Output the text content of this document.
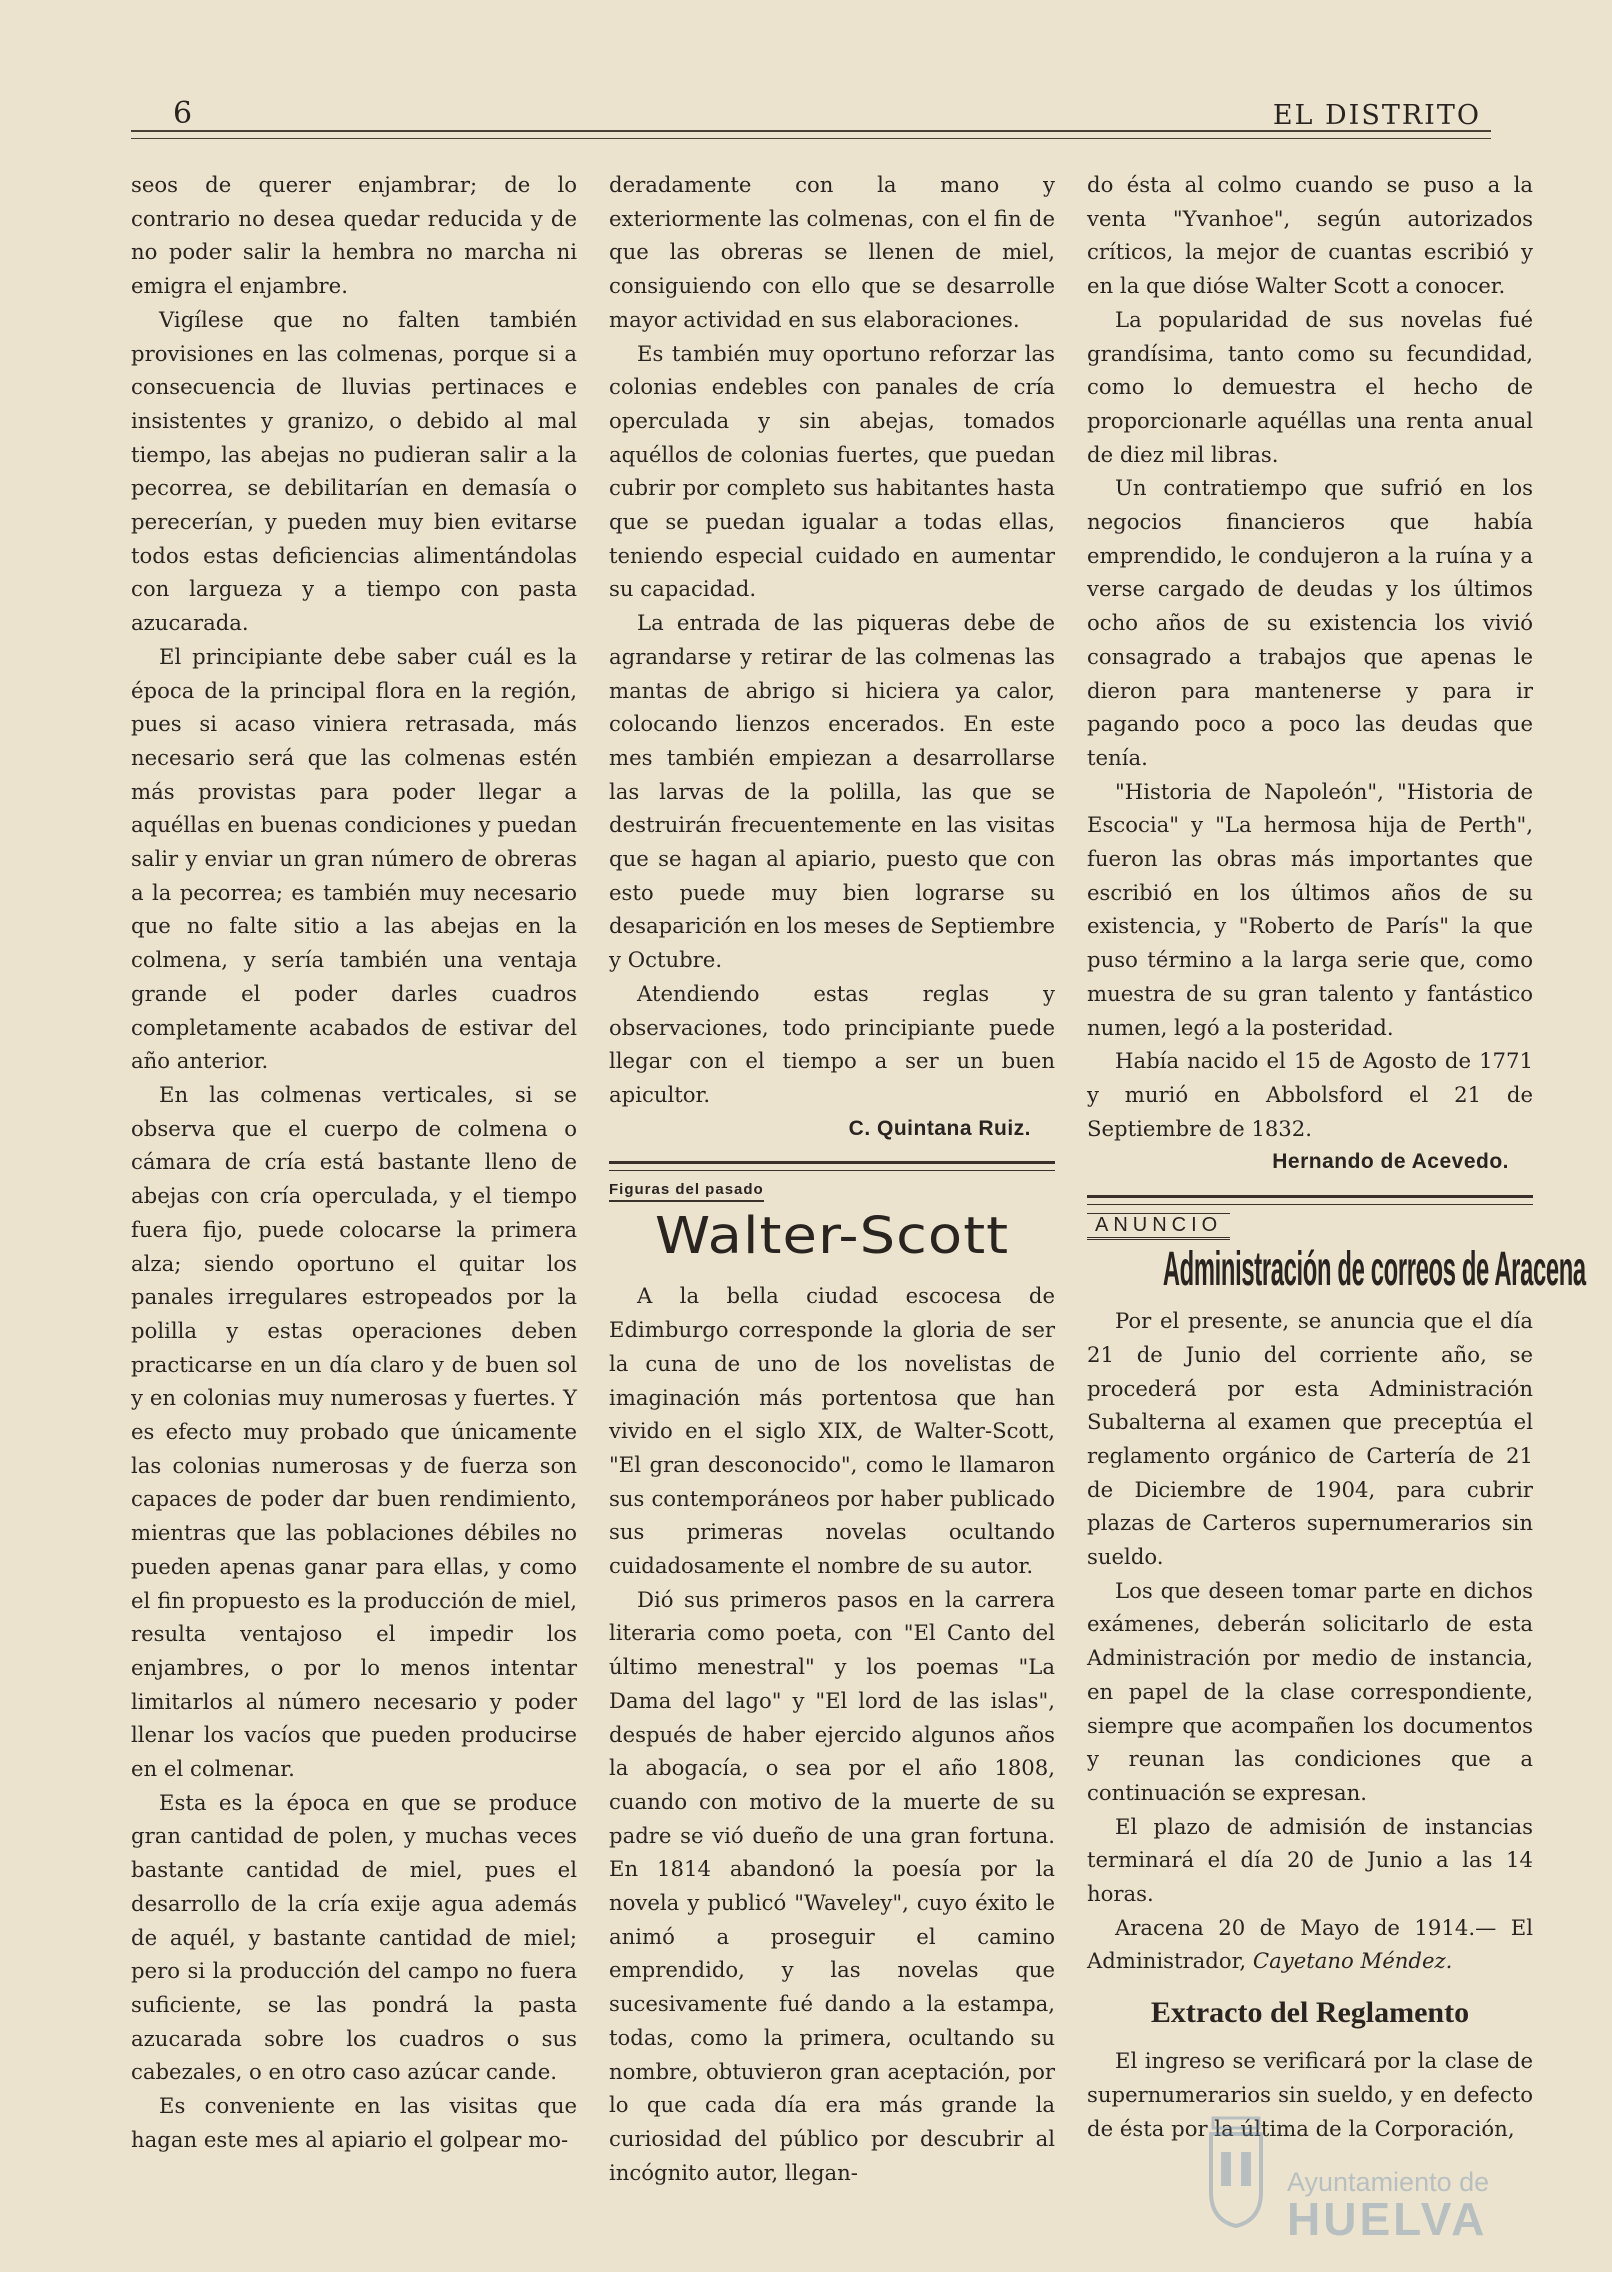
6	EL DISTRITO

seos de querer enjambrar; de lo contrario no desea quedar reducida y de no poder salir la hembra no marcha ni emigra el enjambre.

Vigílese que no falten también provisiones en las colmenas, porque si a consecuencia de lluvias pertinaces e insistentes y granizo, o debido al mal tiempo, las abejas no pudieran salir a la pecorrea, se debilitarían en demasía o perecerían, y pueden muy bien evitarse todos estas deficiencias alimentándolas con largueza y a tiempo con pasta azucarada.

El principiante debe saber cuál es la época de la principal flora en la región, pues si acaso viniera retrasada, más necesario será que las colmenas estén más provistas para poder llegar a aquéllas en buenas condiciones y puedan salir y enviar un gran número de obreras a la pecorrea; es también muy necesario que no falte sitio a las abejas en la colmena, y sería también una ventaja grande el poder darles cuadros completamente acabados de estivar del año anterior.

En las colmenas verticales, si se observa que el cuerpo de colmena o cámara de cría está bastante lleno de abejas con cría operculada, y el tiempo fuera fijo, puede colocarse la primera alza; siendo oportuno el quitar los panales irregulares estropeados por la polilla y estas operaciones deben practicarse en un día claro y de buen sol y en colonias muy numerosas y fuertes. Y es efecto muy probado que únicamente las colonias numerosas y de fuerza son capaces de poder dar buen rendimiento, mientras que las poblaciones débiles no pueden apenas ganar para ellas, y como el fin propuesto es la producción de miel, resulta ventajoso el impedir los enjambres, o por lo menos intentar limitarlos al número necesario y poder llenar los vacíos que pueden producirse en el colmenar.

Esta es la época en que se produce gran cantidad de polen, y muchas veces bastante cantidad de miel, pues el desarrollo de la cría exije agua además de aquél, y bastante cantidad de miel; pero si la producción del campo no fuera suficiente, se las pondrá la pasta azucarada sobre los cuadros o sus cabezales, o en otro caso azúcar cande.

Es conveniente en las visitas que hagan este mes al apiario el golpear mo-

deradamente con la mano y exteriormente las colmenas, con el fin de que las obreras se llenen de miel, consiguiendo con ello que se desarrolle mayor actividad en sus elaboraciones.

Es también muy oportuno reforzar las colonias endebles con panales de cría operculada y sin abejas, tomados aquéllos de colonias fuertes, que puedan cubrir por completo sus habitantes hasta que se puedan igualar a todas ellas, teniendo especial cuidado en aumentar su capacidad.

La entrada de las piqueras debe de agrandarse y retirar de las colmenas las mantas de abrigo si hiciera ya calor, colocando lienzos encerados. En este mes también empiezan a desarrollarse las larvas de la polilla, las que se destruirán frecuentemente en las visitas que se hagan al apiario, puesto que con esto puede muy bien lograrse su desaparición en los meses de Septiembre y Octubre.

Atendiendo estas reglas y observaciones, todo principiante puede llegar con el tiempo a ser un buen apicultor.

C. Quintana Ruiz.

Figuras del pasado
Walter-Scott

A la bella ciudad escocesa de Edimburgo corresponde la gloria de ser la cuna de uno de los novelistas de imaginación más portentosa que han vivido en el siglo XIX, de Walter-Scott, "El gran desconocido", como le llamaron sus contemporáneos por haber publicado sus primeras novelas ocultando cuidadosamente el nombre de su autor.

Dió sus primeros pasos en la carrera literaria como poeta, con "El Canto del último menestral" y los poemas "La Dama del lago" y "El lord de las islas", después de haber ejercido algunos años la abogacía, o sea por el año 1808, cuando con motivo de la muerte de su padre se vió dueño de una gran fortuna. En 1814 abandonó la poesía por la novela y publicó "Waveley", cuyo éxito le animó a proseguir el camino emprendido, y las novelas que sucesivamente fué dando a la estampa, todas, como la primera, ocultando su nombre, obtuvieron gran aceptación, por lo que cada día era más grande la curiosidad del público por descubrir al incógnito autor, llegan-

do ésta al colmo cuando se puso a la venta "Yvanhoe", según autorizados críticos, la mejor de cuantas escribió y en la que dióse Walter Scott a conocer.

La popularidad de sus novelas fué grandísima, tanto como su fecundidad, como lo demuestra el hecho de proporcionarle aquéllas una renta anual de diez mil libras.

Un contratiempo que sufrió en los negocios financieros que había emprendido, le condujeron a la ruína y a verse cargado de deudas y los últimos ocho años de su existencia los vivió consagrado a trabajos que apenas le dieron para mantenerse y para ir pagando poco a poco las deudas que tenía.

"Historia de Napoleón", "Historia de Escocia" y "La hermosa hija de Perth", fueron las obras más importantes que escribió en los últimos años de su existencia, y "Roberto de París" la que puso término a la larga serie que, como muestra de su gran talento y fantástico numen, legó a la posteridad.

Había nacido el 15 de Agosto de 1771 y murió en Abbolsford el 21 de Septiembre de 1832.

Hernando de Acevedo.

ANUNCIO
Administración de correos de Aracena

Por el presente, se anuncia que el día 21 de Junio del corriente año, se procederá por esta Administración Subalterna al examen que preceptúa el reglamento orgánico de Cartería de 21 de Diciembre de 1904, para cubrir plazas de Carteros supernumerarios sin sueldo.

Los que deseen tomar parte en dichos exámenes, deberán solicitarlo de esta Administración por medio de instancia, en papel de la clase correspondiente, siempre que acompañen los documentos y reunan las condiciones que a continuación se expresan.

El plazo de admisión de instancias terminará el día 20 de Junio a las 14 horas.

Aracena 20 de Mayo de 1914.— El Administrador, Cayetano Méndez.

Extracto del Reglamento

El ingreso se verificará por la clase de supernumerarios sin sueldo, y en defecto de ésta por la última de la Corporación,

Ayuntamiento de
HUELVA
